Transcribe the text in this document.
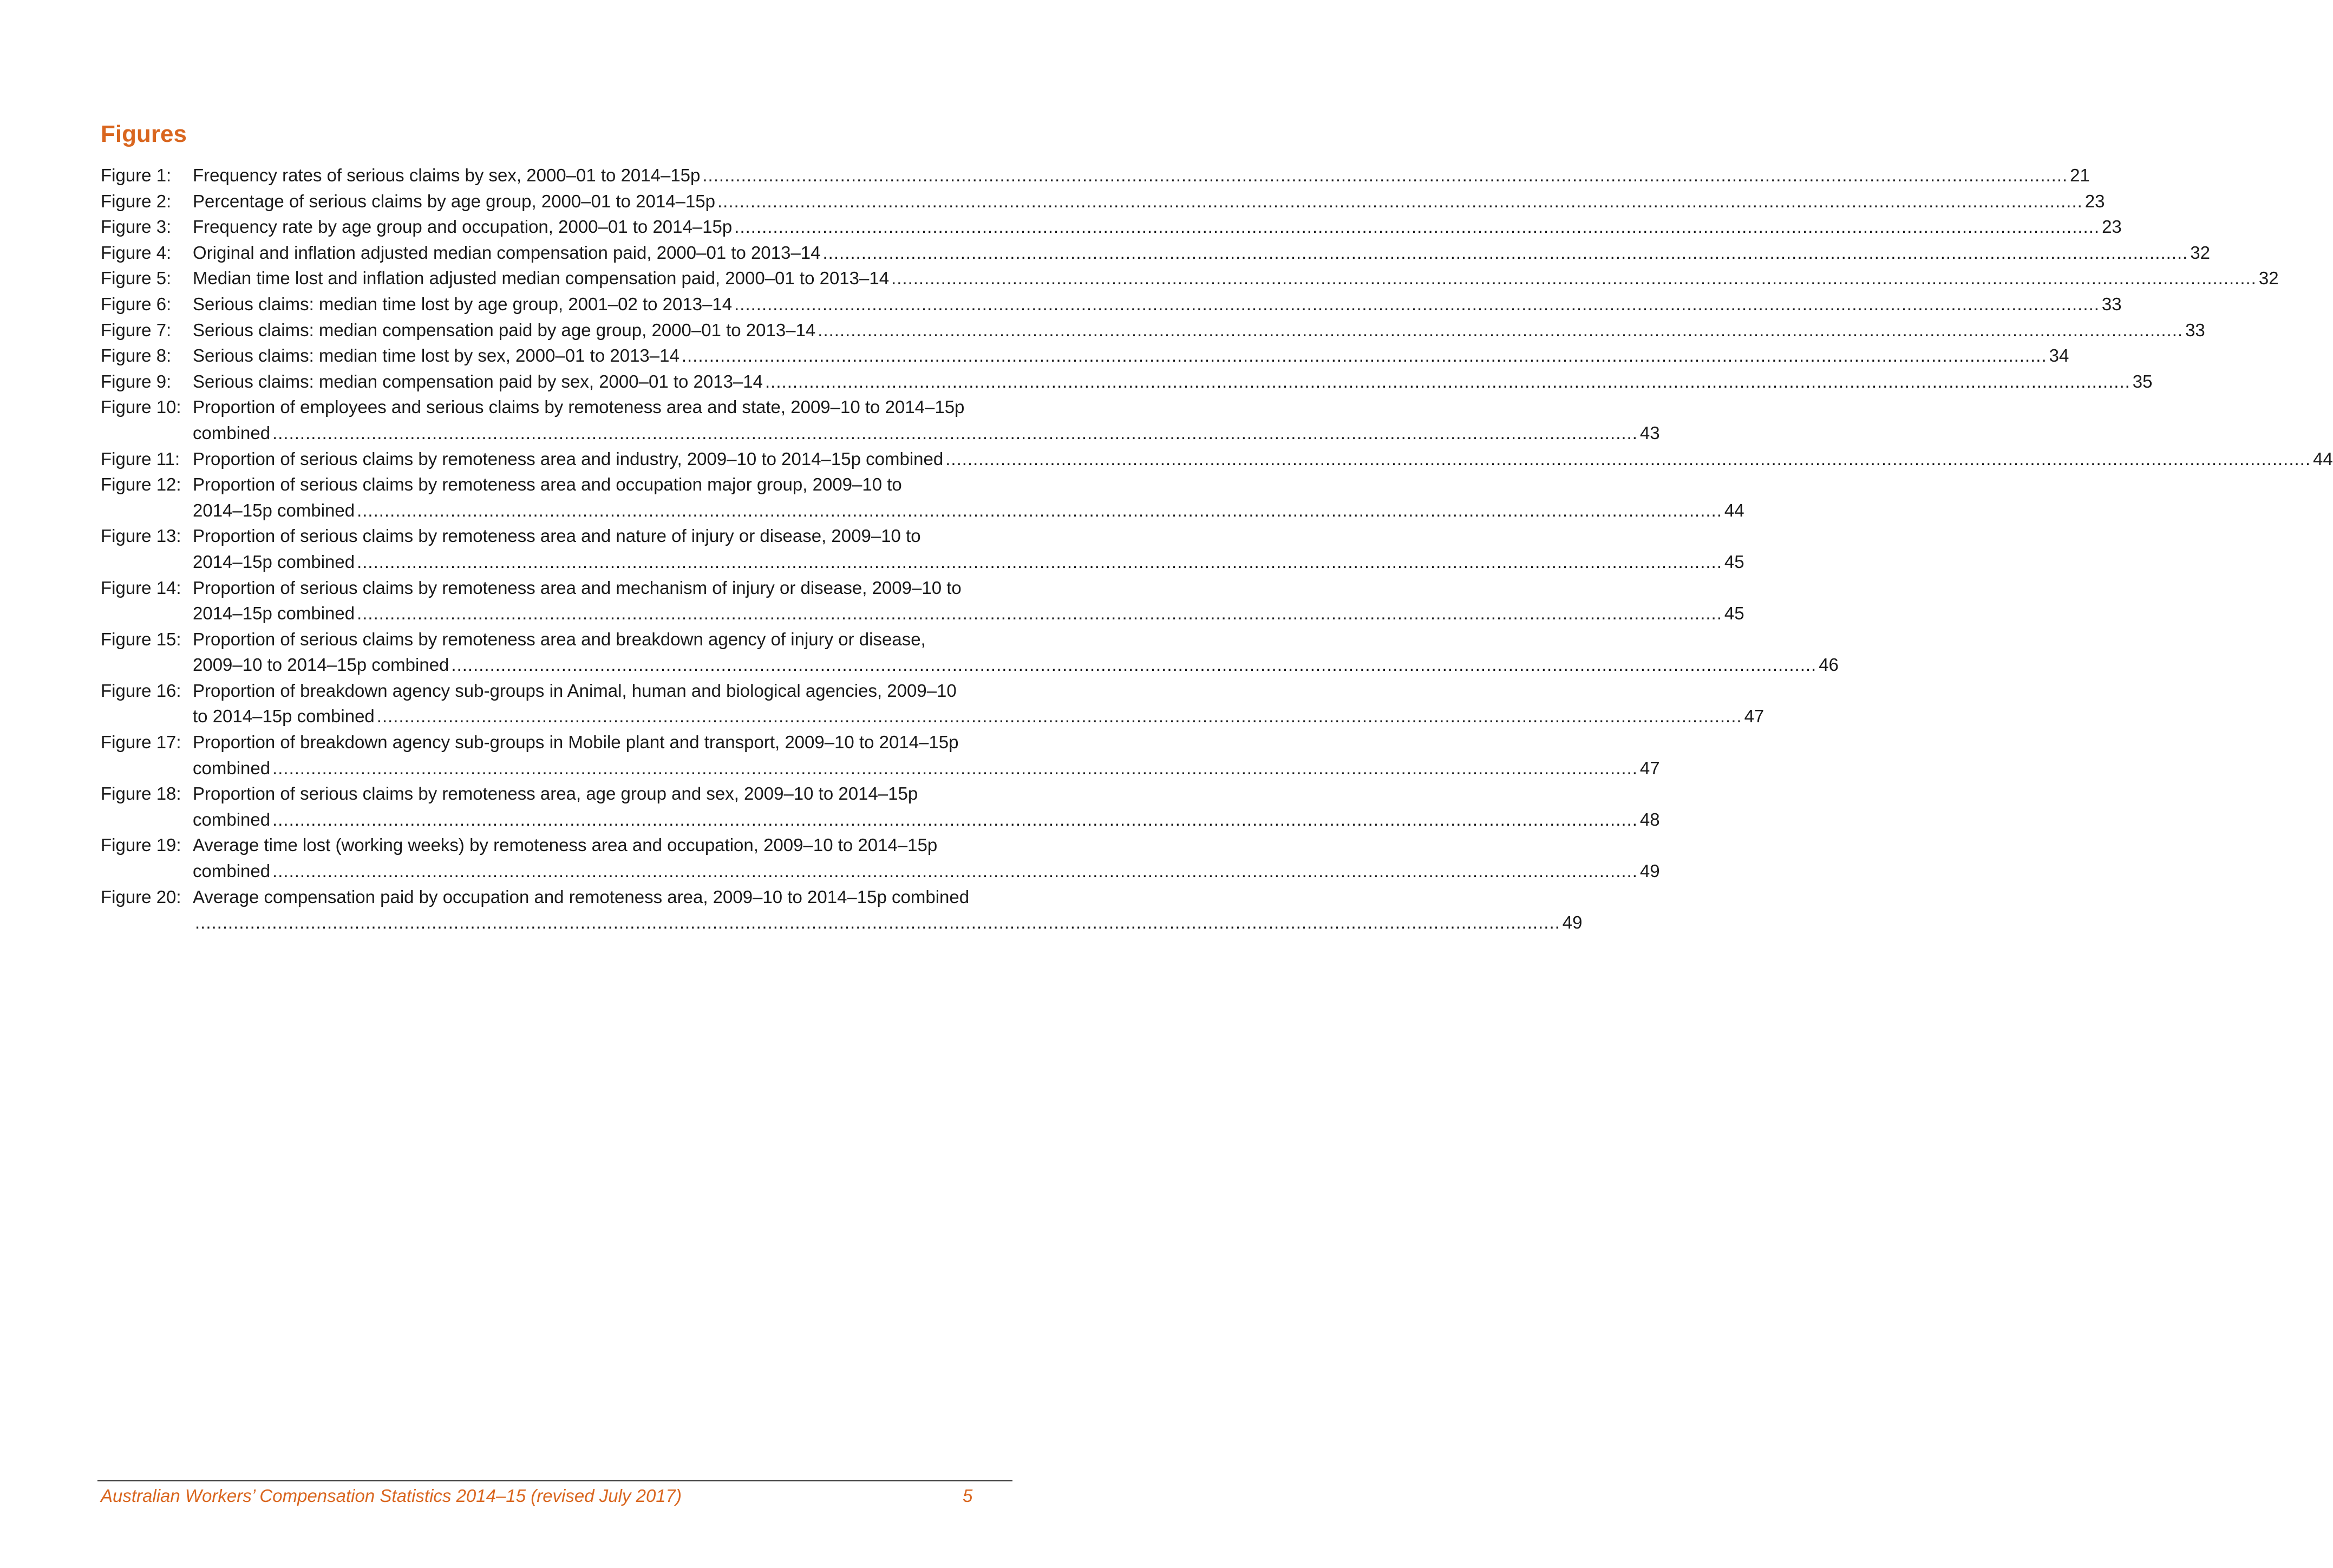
Figures
Figure 1:	Frequency rates of serious claims by sex, 2000–01 to 2014–15p .....	21
Figure 2:	Percentage of serious claims by age group, 2000–01 to 2014–15p .....	23
Figure 3:	Frequency rate by age group and occupation, 2000–01 to 2014–15p .....	23
Figure 4:	Original and inflation adjusted median compensation paid, 2000–01 to 2013–14 .....	32
Figure 5:	Median time lost and inflation adjusted median compensation paid, 2000–01 to 2013–14 .....	32
Figure 6:	Serious claims: median time lost by age group, 2001–02 to 2013–14 .....	33
Figure 7:	Serious claims: median compensation paid by age group, 2000–01 to 2013–14 .....	33
Figure 8:	Serious claims: median time lost by sex, 2000–01 to 2013–14 .....	34
Figure 9:	Serious claims: median compensation paid by sex, 2000–01 to 2013–14 .....	35
Figure 10: Proportion of employees and serious claims by remoteness area and state, 2009–10 to 2014–15p
combined .....	43
Figure 11: Proportion of serious claims by remoteness area and industry, 2009–10 to 2014–15p combined .....	44
Figure 12: Proportion of serious claims by remoteness area and occupation major group, 2009–10 to
2014–15p combined .....	44
Figure 13: Proportion of serious claims by remoteness area and nature of injury or disease, 2009–10 to
2014–15p combined .....	45
Figure 14: Proportion of serious claims by remoteness area and mechanism of injury or disease, 2009–10 to
2014–15p combined .....	45
Figure 15: Proportion of serious claims by remoteness area and breakdown agency of injury or disease,
2009–10 to 2014–15p combined .....	46
Figure 16: Proportion of breakdown agency sub-groups in Animal, human and biological agencies, 2009–10
to 2014–15p combined .....	47
Figure 17: Proportion of breakdown agency sub-groups in Mobile plant and transport, 2009–10 to 2014–15p
combined .....	47
Figure 18: Proportion of serious claims by remoteness area, age group and sex, 2009–10 to 2014–15p
combined .....	48
Figure 19: Average time lost (working weeks) by remoteness area and occupation, 2009–10 to 2014–15p
combined .....	49
Figure 20: Average compensation paid by occupation and remoteness area, 2009–10 to 2014–15p combined
.....
49
Australian Workers’ Compensation Statistics 2014–15 (revised July 2017)	5
